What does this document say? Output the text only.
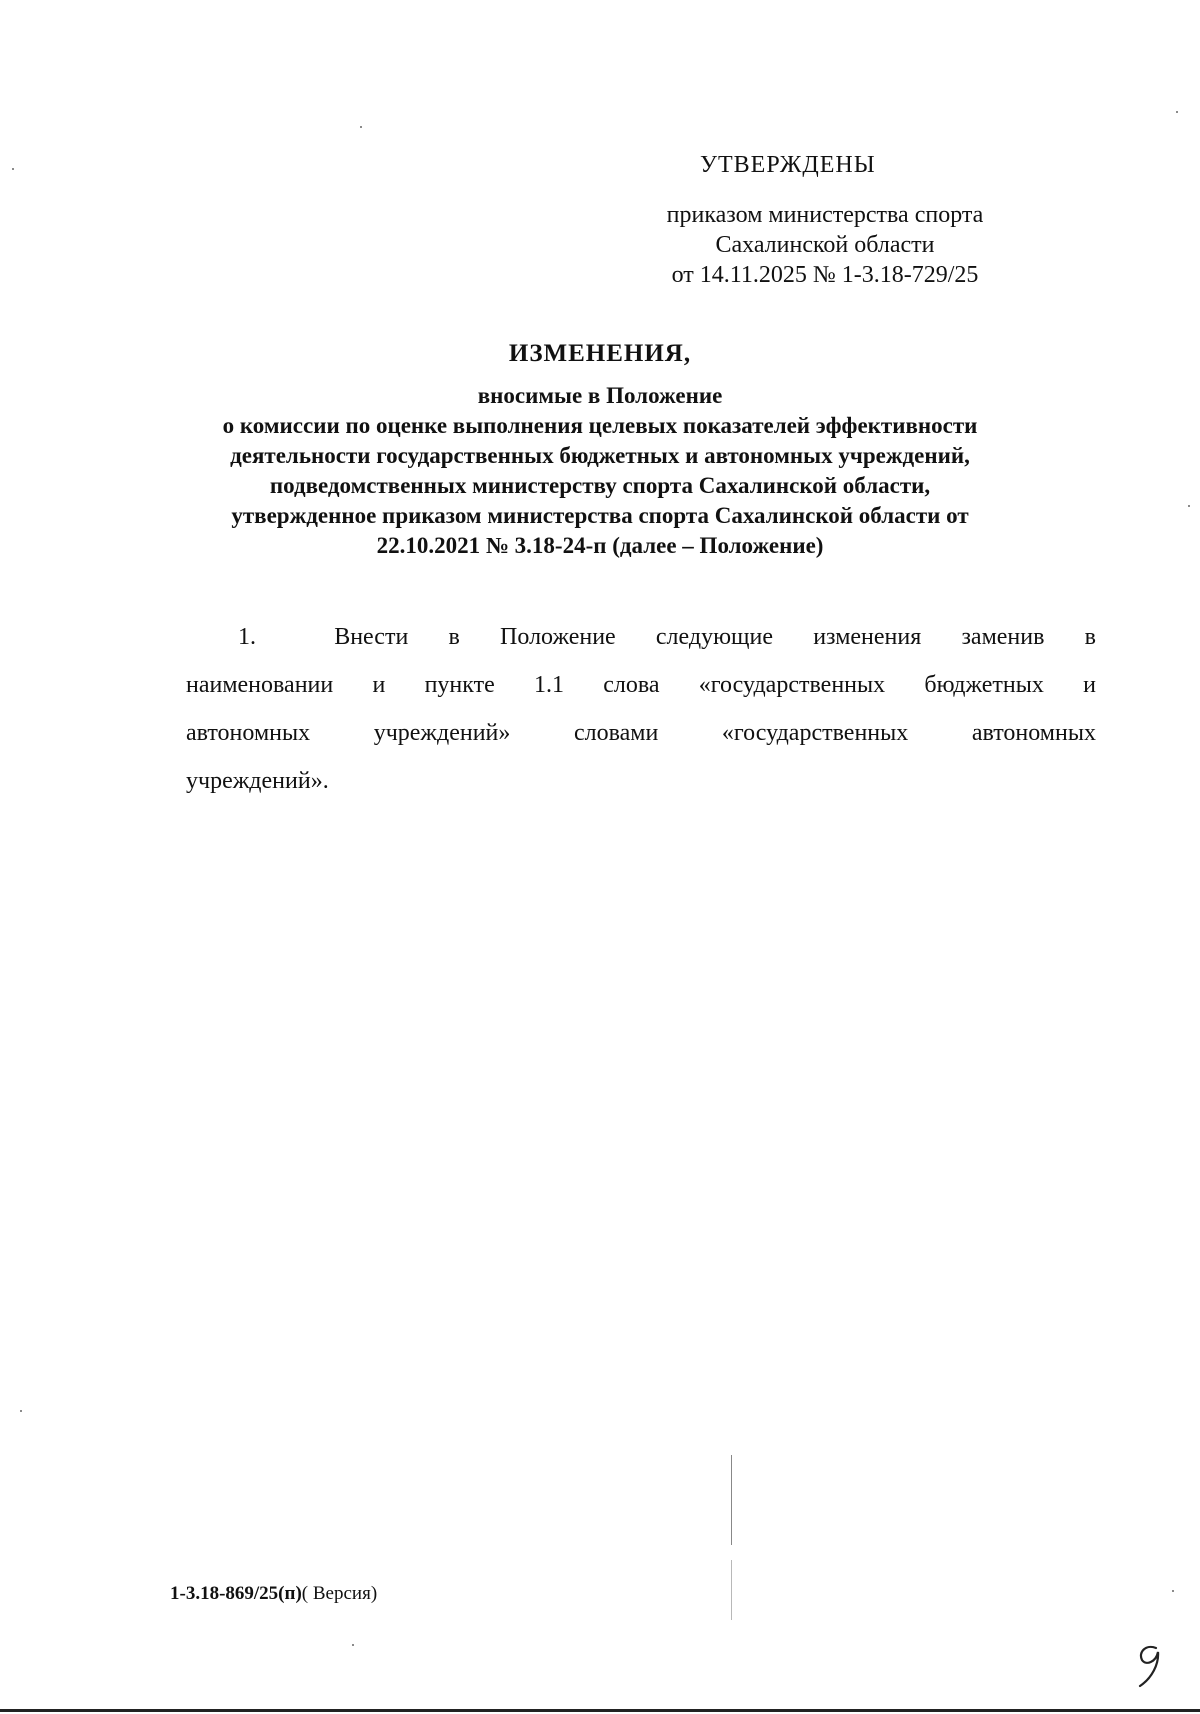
УТВЕРЖДЕНЫ
приказом министерства спорта
Сахалинской области
от 14.11.2025 № 1-3.18-729/25
ИЗМЕНЕНИЯ,
вносимые в Положение
о комиссии по оценке выполнения целевых показателей эффективности
деятельности государственных бюджетных и автономных учреждений,
подведомственных министерству спорта Сахалинской области,
утвержденное приказом министерства спорта Сахалинской области от
22.10.2021 № 3.18-24-п (далее – Положение)
1.	Внести в Положение следующие изменения заменив в
наименовании и пункте 1.1 слова «государственных бюджетных и
автономных	учреждений»	словами	«государственных	автономных
учреждений».
1-3.18-869/25(п)( Версия)
